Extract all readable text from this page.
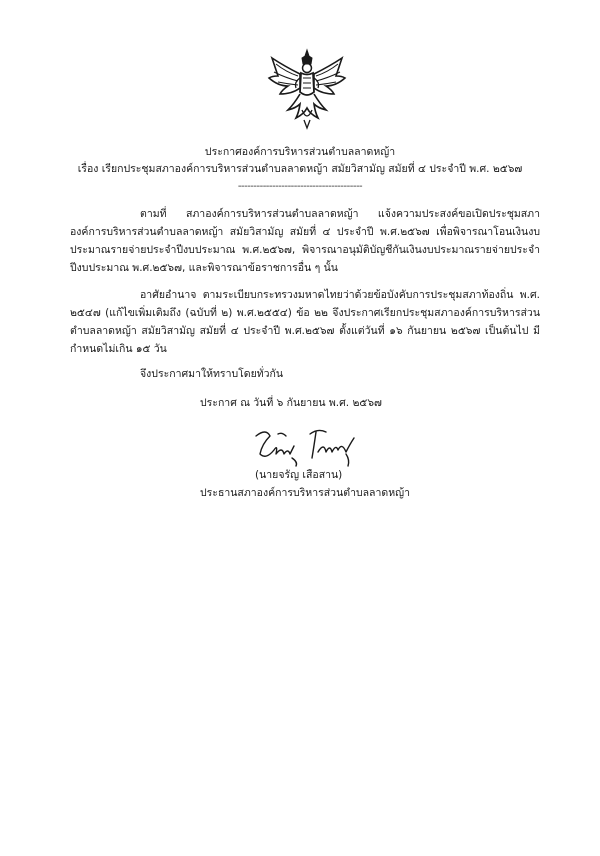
ประกาศองค์การบริหารส่วนตำบลลาดหญ้า
เรื่อง เรียกประชุมสภาองค์การบริหารส่วนตำบลลาดหญ้า สมัยวิสามัญ สมัยที่ ๔ ประจำปี พ.ศ. ๒๕๖๗
----------------------------------------
ตามที่ สภาองค์การบริหารส่วนตำบลลาดหญ้า แจ้งความประสงค์ขอเปิดประชุมสภาองค์การบริหารส่วนตำบลลาดหญ้า สมัยวิสามัญ สมัยที่ ๔ ประจำปี พ.ศ.๒๕๖๗ เพื่อพิจารณาโอนเงินงบประมาณรายจ่ายประจำปีงบประมาณ พ.ศ.๒๕๖๗, พิจารณาอนุมัติบัญชีกันเงินงบประมาณรายจ่ายประจำปีงบประมาณ พ.ศ.๒๕๖๗, และพิจารณาข้อราชการอื่น ๆ นั้น
อาศัยอำนาจ ตามระเบียบกระทรวงมหาดไทยว่าด้วยข้อบังคับการประชุมสภาท้องถิ่น พ.ศ. ๒๕๔๗ (แก้ไขเพิ่มเติมถึง (ฉบับที่ ๒) พ.ศ.๒๕๕๔) ข้อ ๒๒ จึงประกาศเรียกประชุมสภาองค์การบริหารส่วนตำบลลาดหญ้า สมัยวิสามัญ สมัยที่ ๔ ประจำปี พ.ศ.๒๕๖๗ ตั้งแต่วันที่ ๑๖ กันยายน ๒๕๖๗ เป็นต้นไป มีกำหนดไม่เกิน ๑๕ วัน
จึงประกาศมาให้ทราบโดยทั่วกัน
ประกาศ ณ วันที่ ๖ กันยายน พ.ศ. ๒๕๖๗
(นายจรัญ เสือสาน)
ประธานสภาองค์การบริหารส่วนตำบลลาดหญ้า
